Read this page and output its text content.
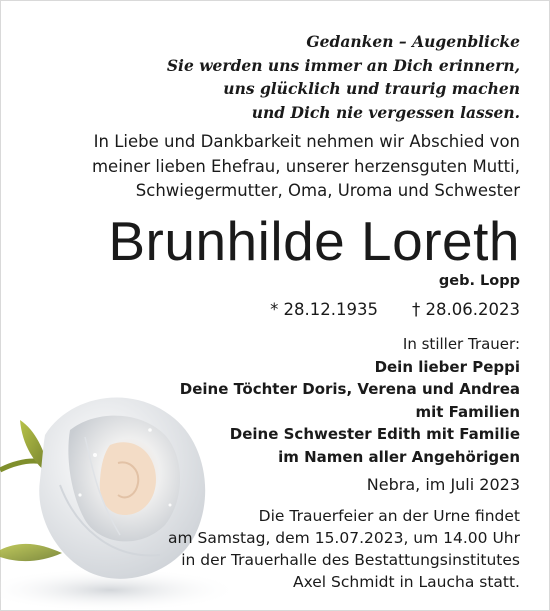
Gedanken – Augenblicke
Sie werden uns immer an Dich erinnern,
uns glücklich und traurig machen
und Dich nie vergessen lassen.
In Liebe und Dankbarkeit nehmen wir Abschied von
meiner lieben Ehefrau, unserer herzensguten Mutti,
Schwiegermutter, Oma, Uroma und Schwester
Brunhilde Loreth
geb. Lopp
* 28.12.1935 † 28.06.2023
In stiller Trauer:
Dein lieber Peppi
Deine Töchter Doris, Verena und Andrea
mit Familien
Deine Schwester Edith mit Familie
im Namen aller Angehörigen
Nebra, im Juli 2023
Die Trauerfeier an der Urne findet
am Samstag, dem 15.07.2023, um 14.00 Uhr
in der Trauerhalle des Bestattungsinstitutes
Axel Schmidt in Laucha statt.
